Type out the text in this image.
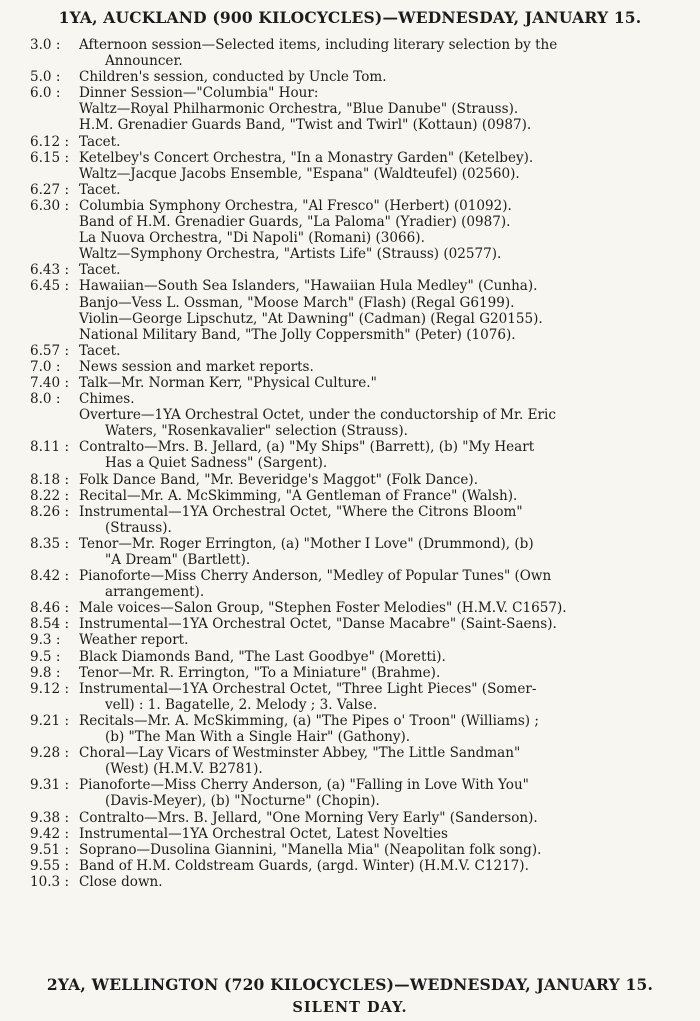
1YA, AUCKLAND (900 KILOCYCLES)—WEDNESDAY, JANUARY 15.
3.0 : Afternoon session—Selected items, including literary selection by the
Announcer.
5.0 : Children's session, conducted by Uncle Tom.
6.0 : Dinner Session—"Columbia" Hour:
Waltz—Royal Philharmonic Orchestra, "Blue Danube" (Strauss).
H.M. Grenadier Guards Band, "Twist and Twirl" (Kottaun) (0987).
6.12 : Tacet.
6.15 : Ketelbey's Concert Orchestra, "In a Monastry Garden" (Ketelbey).
Waltz—Jacque Jacobs Ensemble, "Espana" (Waldteufel) (02560).
6.27 : Tacet.
6.30 : Columbia Symphony Orchestra, "Al Fresco" (Herbert) (01092).
Band of H.M. Grenadier Guards, "La Paloma" (Yradier) (0987).
La Nuova Orchestra, "Di Napoli" (Romani) (3066).
Waltz—Symphony Orchestra, "Artists Life" (Strauss) (02577).
6.43 : Tacet.
6.45 : Hawaiian—South Sea Islanders, "Hawaiian Hula Medley" (Cunha).
Banjo—Vess L. Ossman, "Moose March" (Flash) (Regal G6199).
Violin—George Lipschutz, "At Dawning" (Cadman) (Regal G20155).
National Military Band, "The Jolly Coppersmith" (Peter) (1076).
6.57 : Tacet.
7.0 : News session and market reports.
7.40 : Talk—Mr. Norman Kerr, "Physical Culture."
8.0 : Chimes.
Overture—1YA Orchestral Octet, under the conductorship of Mr. Eric
Waters, "Rosenkavalier" selection (Strauss).
8.11 : Contralto—Mrs. B. Jellard, (a) "My Ships" (Barrett), (b) "My Heart
Has a Quiet Sadness" (Sargent).
8.18 : Folk Dance Band, "Mr. Beveridge's Maggot" (Folk Dance).
8.22 : Recital—Mr. A. McSkimming, "A Gentleman of France" (Walsh).
8.26 : Instrumental—1YA Orchestral Octet, "Where the Citrons Bloom"
(Strauss).
8.35 : Tenor—Mr. Roger Errington, (a) "Mother I Love" (Drummond), (b)
"A Dream" (Bartlett).
8.42 : Pianoforte—Miss Cherry Anderson, "Medley of Popular Tunes" (Own
arrangement).
8.46 : Male voices—Salon Group, "Stephen Foster Melodies" (H.M.V. C1657).
8.54 : Instrumental—1YA Orchestral Octet, "Danse Macabre" (Saint-Saens).
9.3 : Weather report.
9.5 : Black Diamonds Band, "The Last Goodbye" (Moretti).
9.8 : Tenor—Mr. R. Errington, "To a Miniature" (Brahme).
9.12 : Instrumental—1YA Orchestral Octet, "Three Light Pieces" (Somer-
vell) : 1. Bagatelle, 2. Melody ; 3. Valse.
9.21 : Recitals—Mr. A. McSkimming, (a) "The Pipes o' Troon" (Williams) ;
(b) "The Man With a Single Hair" (Gathony).
9.28 : Choral—Lay Vicars of Westminster Abbey, "The Little Sandman"
(West) (H.M.V. B2781).
9.31 : Pianoforte—Miss Cherry Anderson, (a) "Falling in Love With You"
(Davis-Meyer), (b) "Nocturne" (Chopin).
9.38 : Contralto—Mrs. B. Jellard, "One Morning Very Early" (Sanderson).
9.42 : Instrumental—1YA Orchestral Octet, Latest Novelties
9.51 : Soprano—Dusolina Giannini, "Manella Mia" (Neapolitan folk song).
9.55 : Band of H.M. Coldstream Guards, (argd. Winter) (H.M.V. C1217).
10.3 : Close down.
2YA, WELLINGTON (720 KILOCYCLES)—WEDNESDAY, JANUARY 15.
SILENT DAY.
